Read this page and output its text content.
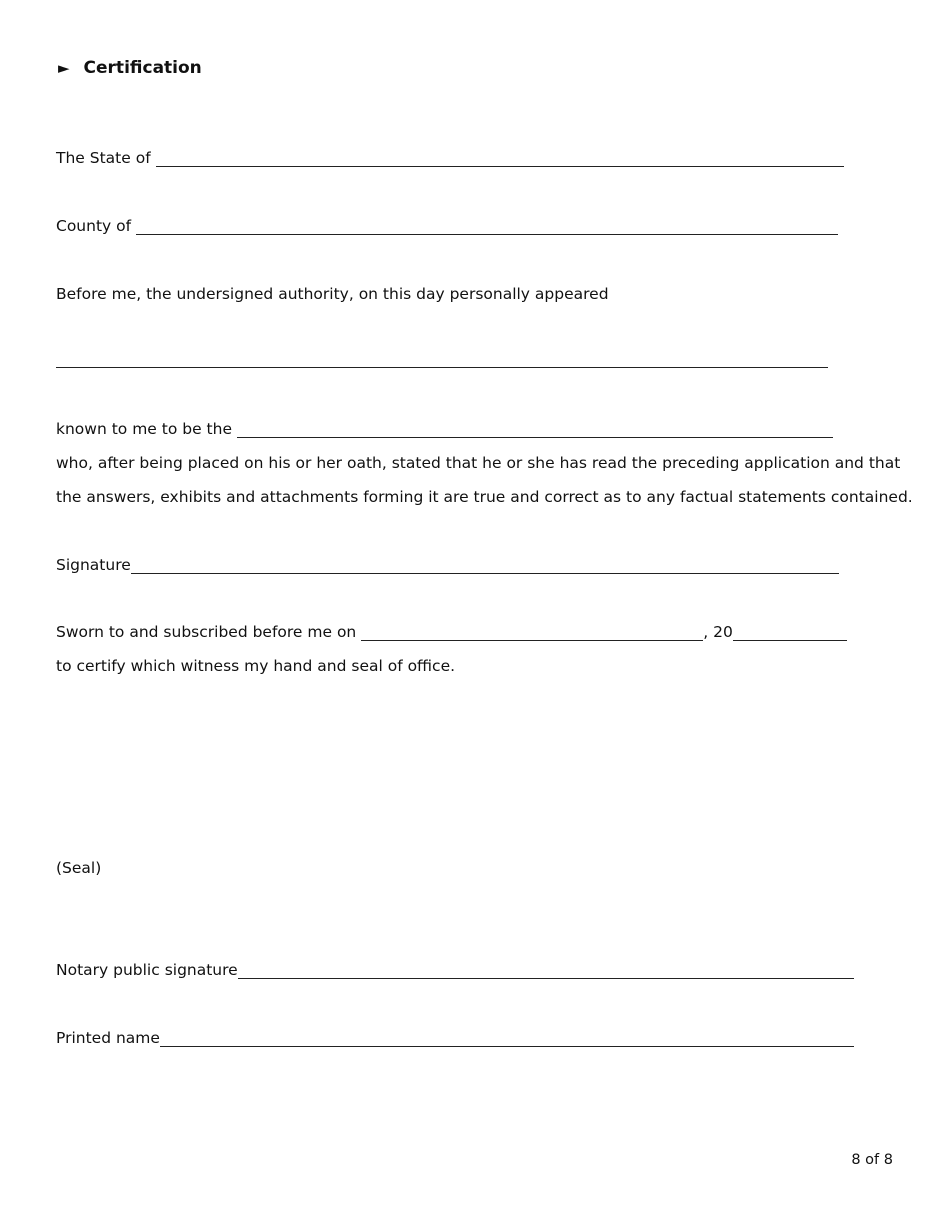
► Certification
The State of
County of
Before me, the undersigned authority, on this day personally appeared
known to me to be the
who, after being placed on his or her oath, stated that he or she has read the preceding application and that
the answers, exhibits and attachments forming it are true and correct as to any factual statements contained.
Signature
Sworn to and subscribed before me on	, 20
to certify which witness my hand and seal of office.
(Seal)
Notary public signature
Printed name
8 of 8
